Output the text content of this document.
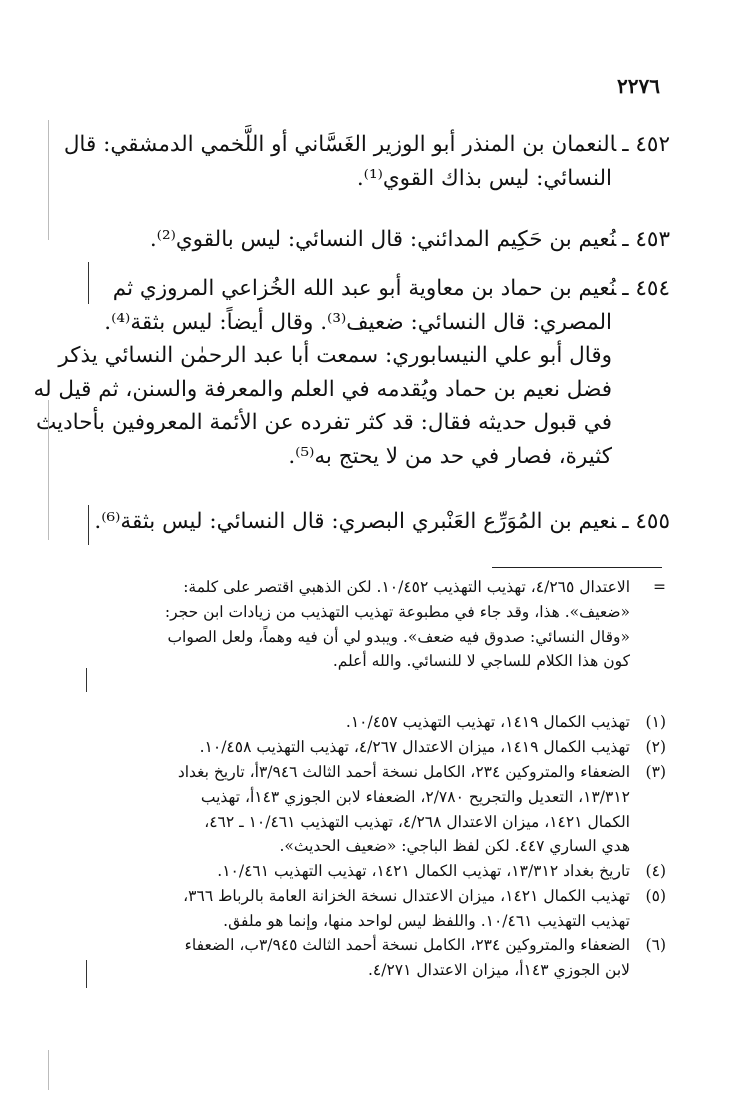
٢٢٧٦
٤٥٢ ـالنعمان بن المنذر أبو الوزير الغَسَّاني أو اللَّخمي الدمشقي: قال
النسائي: ليس بذاك القوي⁽¹⁾.
٤٥٣ ـنُعيم بن حَكِيم المدائني: قال النسائي: ليس بالقوي⁽²⁾.
٤٥٤ ـنُعيم بن حماد بن معاوية أبو عبد الله الخُزاعي المروزي ثم
المصري: قال النسائي: ضعيف⁽³⁾. وقال أيضاً: ليس بثقة⁽⁴⁾.
وقال أبو علي النيسابوري: سمعت أبا عبد الرحمٰن النسائي يذكر
فضل نعيم بن حماد ويُقدمه في العلم والمعرفة والسنن، ثم قيل له
في قبول حديثه فقال: قد كثر تفرده عن الأئمة المعروفين بأحاديث
كثيرة، فصار في حد من لا يحتج به⁽⁵⁾.
٤٥٥ ـنعيم بن المُوَرِّع العَنْبري البصري: قال النسائي: ليس بثقة⁽⁶⁾.
=
الاعتدال ٤/٢٦٥، تهذيب التهذيب ١٠/٤٥٢. لكن الذهبي اقتصر على كلمة:
«ضعيف». هذا، وقد جاء في مطبوعة تهذيب التهذيب من زيادات ابن حجر:
«وقال النسائي: صدوق فيه ضعف». ويبدو لي أن فيه وهماً، ولعل الصواب
كون هذا الكلام للساجي لا للنسائي. والله أعلم.
(١)
تهذيب الكمال ١٤١٩، تهذيب التهذيب ١٠/٤٥٧.
(٢)
تهذيب الكمال ١٤١٩، ميزان الاعتدال ٤/٢٦٧، تهذيب التهذيب ١٠/٤٥٨.
(٣)
الضعفاء والمتروكين ٢٣٤، الكامل نسخة أحمد الثالث ٣/٩٤٦أ، تاريخ بغداد
١٣/٣١٢، التعديل والتجريح ٢/٧٨٠، الضعفاء لابن الجوزي ١٤٣أ، تهذيب
الكمال ١٤٢١، ميزان الاعتدال ٤/٢٦٨، تهذيب التهذيب ١٠/٤٦١ ـ ٤٦٢،
هدي الساري ٤٤٧. لكن لفظ الباجي: «ضعيف الحديث».
(٤)
تاريخ بغداد ١٣/٣١٢، تهذيب الكمال ١٤٢١، تهذيب التهذيب ١٠/٤٦١.
(٥)
تهذيب الكمال ١٤٢١، ميزان الاعتدال نسخة الخزانة العامة بالرباط ٣٦٦،
تهذيب التهذيب ١٠/٤٦١. واللفظ ليس لواحد منها، وإنما هو ملفق.
(٦)
الضعفاء والمتروكين ٢٣٤، الكامل نسخة أحمد الثالث ٣/٩٤٥ب، الضعفاء
لابن الجوزي ١٤٣أ، ميزان الاعتدال ٤/٢٧١.
